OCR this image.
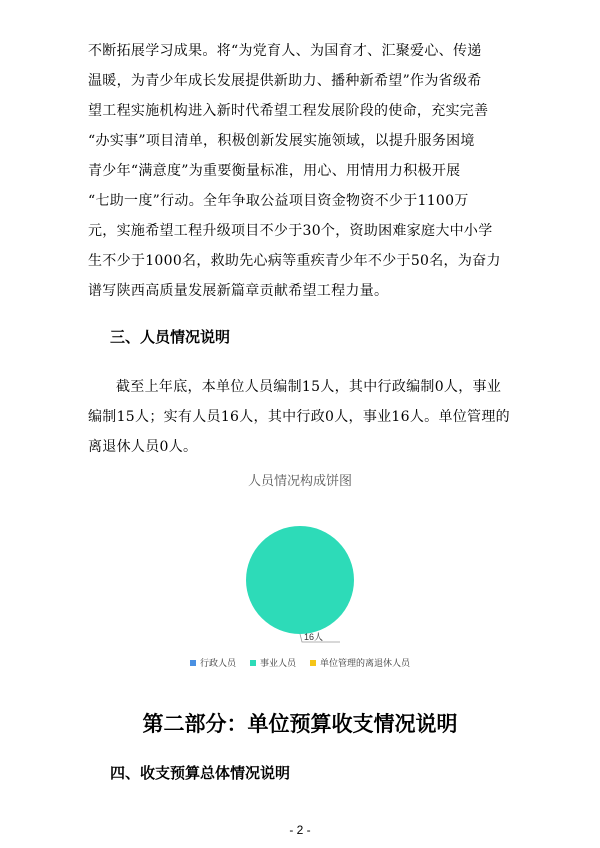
不断拓展学习成果。将“为党育人、为国育才、汇聚爱心、传递
温暖，为青少年成长发展提供新助力、播种新希望”作为省级希
望工程实施机构进入新时代希望工程发展阶段的使命，充实完善
“办实事”项目清单，积极创新发展实施领域，以提升服务困境
青少年“满意度”为重要衡量标准，用心、用情用力积极开展
“七助一度”行动。全年争取公益项目资金物资不少于1100万
元，实施希望工程升级项目不少于30个，资助困难家庭大中小学
生不少于1000名，救助先心病等重疾青少年不少于50名，为奋力
谱写陕西高质量发展新篇章贡献希望工程力量。
三、人员情况说明
截至上年底，本单位人员编制15人，其中行政编制0人，事业
编制15人；实有人员16人，其中行政0人，事业16人。单位管理的
离退休人员0人。
人员情况构成饼图
16人
行政人员	事业人员	单位管理的离退休人员
第二部分：单位预算收支情况说明
四、收支预算总体情况说明
- 2 -
